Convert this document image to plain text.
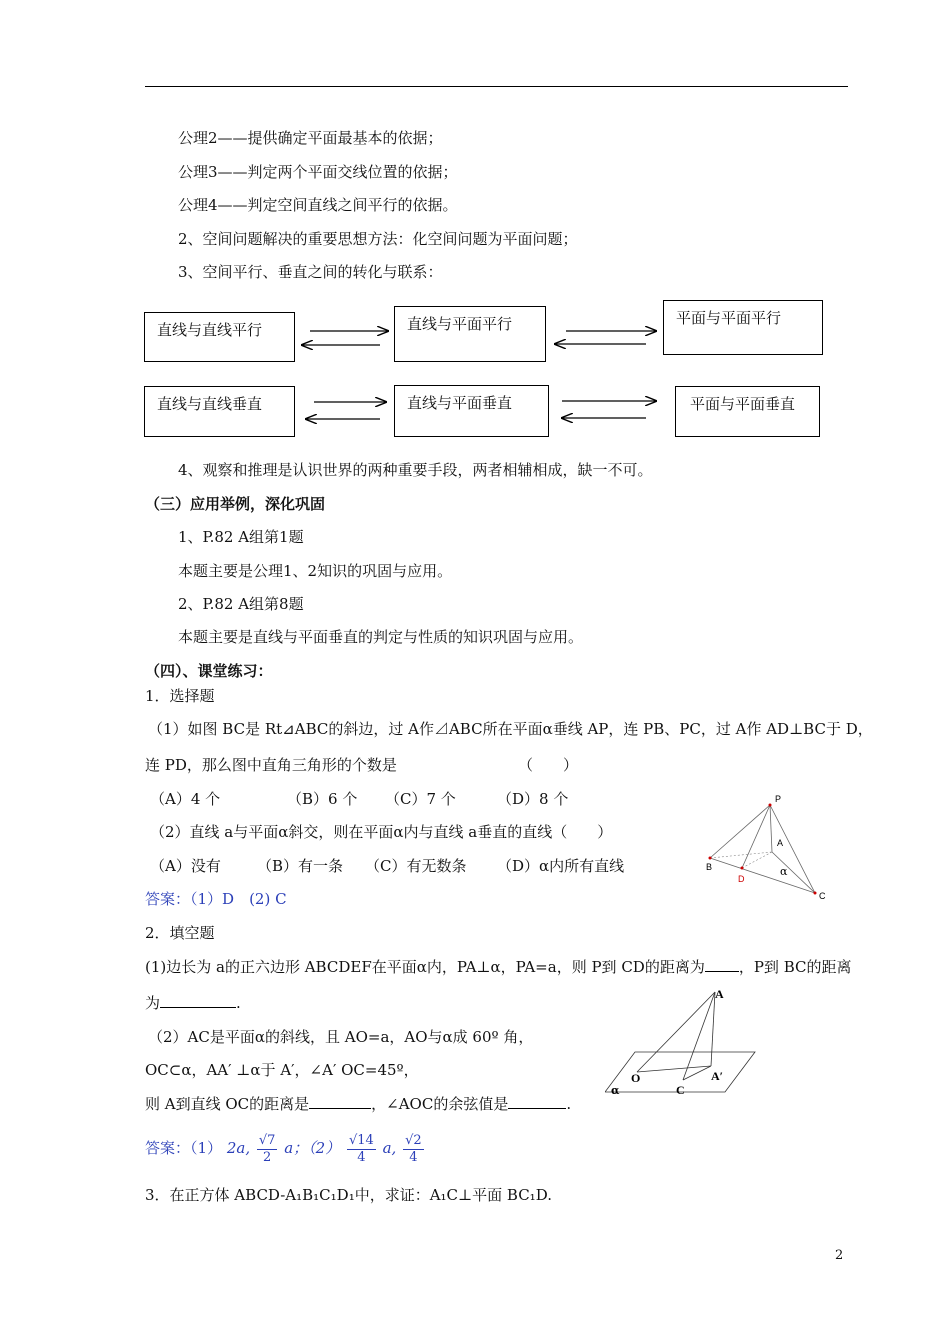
公理2——提供确定平面最基本的依据；
公理3——判定两个平面交线位置的依据；
公理4——判定空间直线之间平行的依据。
2、空间问题解决的重要思想方法：化空间问题为平面问题；
3、空间平行、垂直之间的转化与联系：
直线与直线平行	直线与平面平行	平面与平面平行
直线与直线垂直	直线与平面垂直	平面与平面垂直
4、观察和推理是认识世界的两种重要手段，两者相辅相成，缺一不可。
（三）应用举例，深化巩固
1、P.82 A组第1题
本题主要是公理1、2知识的巩固与应用。
2、P.82 A组第8题
本题主要是直线与平面垂直的判定与性质的知识巩固与应用。
（四）、课堂练习：
1．选择题
（1）如图 BC是 Rt⊿ABC的斜边，过 A作⊿ABC所在平面α垂线 AP，连 PB、PC，过 A作 AD⊥BC于 D，
连 PD，那么图中直角三角形的个数是	（　　）
（A）4 个	（B）6 个 （C）7 个	（D）8 个
（2）直线 a与平面α斜交，则在平面α内与直线 a垂直的直线（　　）
（A）没有 （B）有一条 （C）有无数条 （D）α内所有直线
答案：（1）D　(2) C
P
A
B
D
C
α
2．填空题
(1)边长为 a的正六边形 ABCDEF在平面α内，PA⊥α，PA=a，则 P到 CD的距离为 ，P到 BC的距离
为	.
（2）AC是平面α的斜线，且 AO=a，AO与α成 60º 角，
OC⊂α，AA′ ⊥α于 A′，∠A′ OC=45º，
则 A到直线 OC的距离是	，∠AOC的余弦值是	.
A
O
C
A′
α
答案：（1） 2a, $\frac{√7}{2}$ a；$(2) \frac{√14}{4} a$, $\frac{√2}{4}$
3．在正方体 ABCD-A₁B₁C₁D₁中，求证：A₁C⊥平面 BC₁D.
2
